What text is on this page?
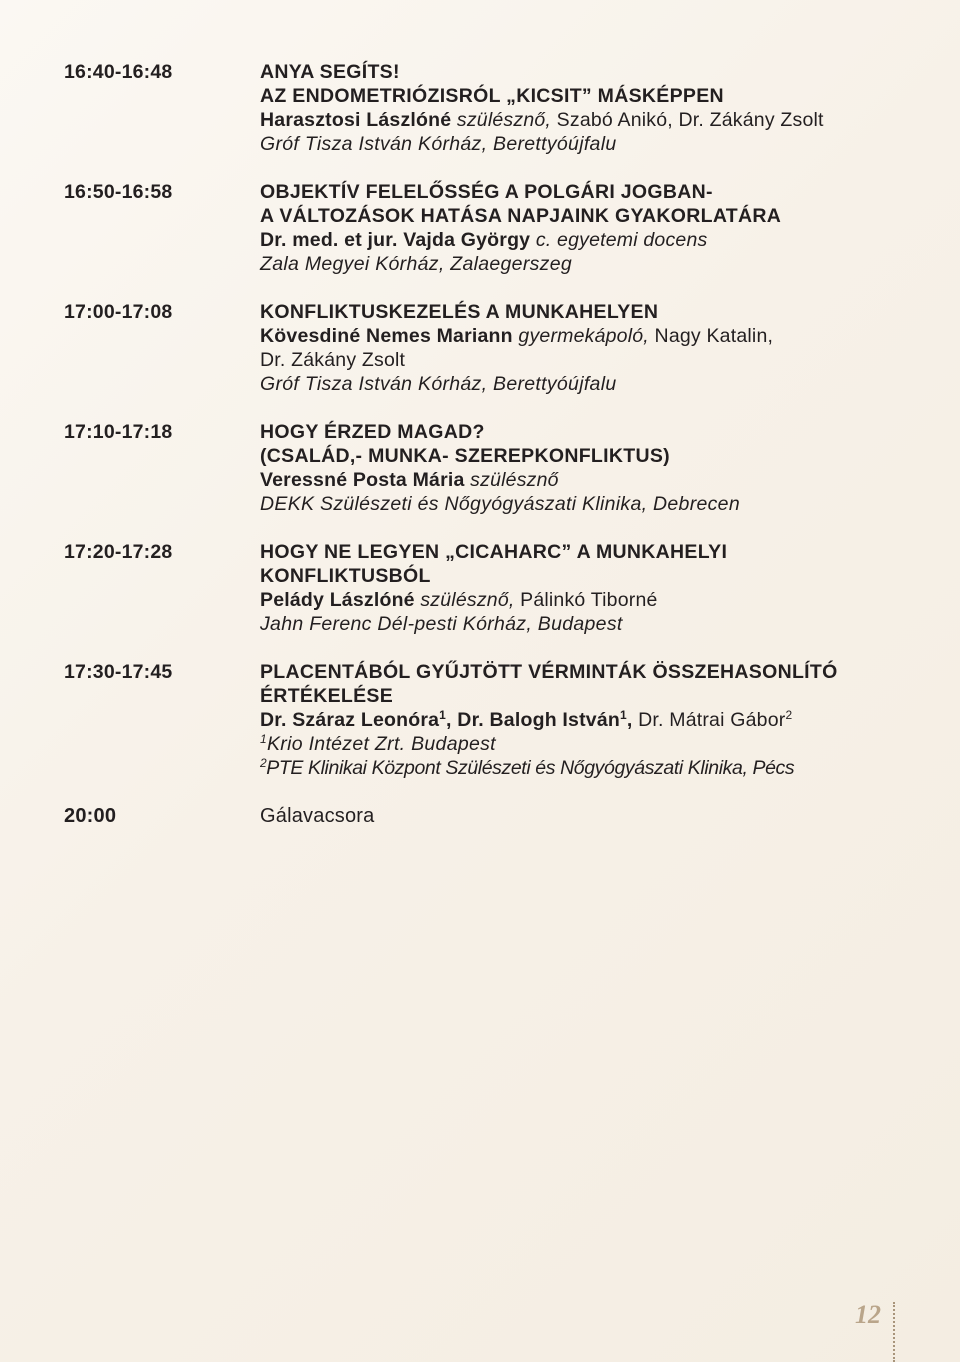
16:40-16:48	ANYA SEGÍTS!
AZ ENDOMETRIÓZISRÓL „KICSIT” MÁSKÉPPEN
Harasztosi Lászlóné szülésznő, Szabó Anikó, Dr. Zákány Zsolt
Gróf Tisza István Kórház, Berettyóújfalu
16:50-16:58	OBJEKTÍV FELELŐSSÉG A POLGÁRI JOGBAN-
A VÁLTOZÁSOK HATÁSA NAPJAINK GYAKORLATÁRA
Dr. med. et jur. Vajda György c. egyetemi docens
Zala Megyei Kórház, Zalaegerszeg
17:00-17:08	KONFLIKTUSKEZELÉS A MUNKAHELYEN
Kövesdiné Nemes Mariann gyermekápoló, Nagy Katalin,
Dr. Zákány Zsolt
Gróf Tisza István Kórház, Berettyóújfalu
17:10-17:18	HOGY ÉRZED MAGAD?
(CSALÁD,- MUNKA- SZEREPKONFLIKTUS)
Veressné Posta Mária szülésznő
DEKK Szülészeti és Nőgyógyászati Klinika, Debrecen
17:20-17:28	HOGY NE LEGYEN „CICAHARC” A MUNKAHELYI
KONFLIKTUSBÓL
Pelády Lászlóné szülésznő, Pálinkó Tiborné
Jahn Ferenc Dél-pesti Kórház, Budapest
17:30-17:45	PLACENTÁBÓL GYŰJTÖTT VÉRMINTÁK ÖSSZEHASONLÍTÓ
ÉRTÉKELÉSE
Dr. Száraz Leonóra$^1$, Dr. Balogh István$^1$, Dr. Mátrai Gábor$^2$
$^1$Krio Intézet Zrt. Budapest
$^2$PTE Klinikai Központ Szülészeti és Nőgyógyászati Klinika, Pécs
20:00	Gálavacsora
12
